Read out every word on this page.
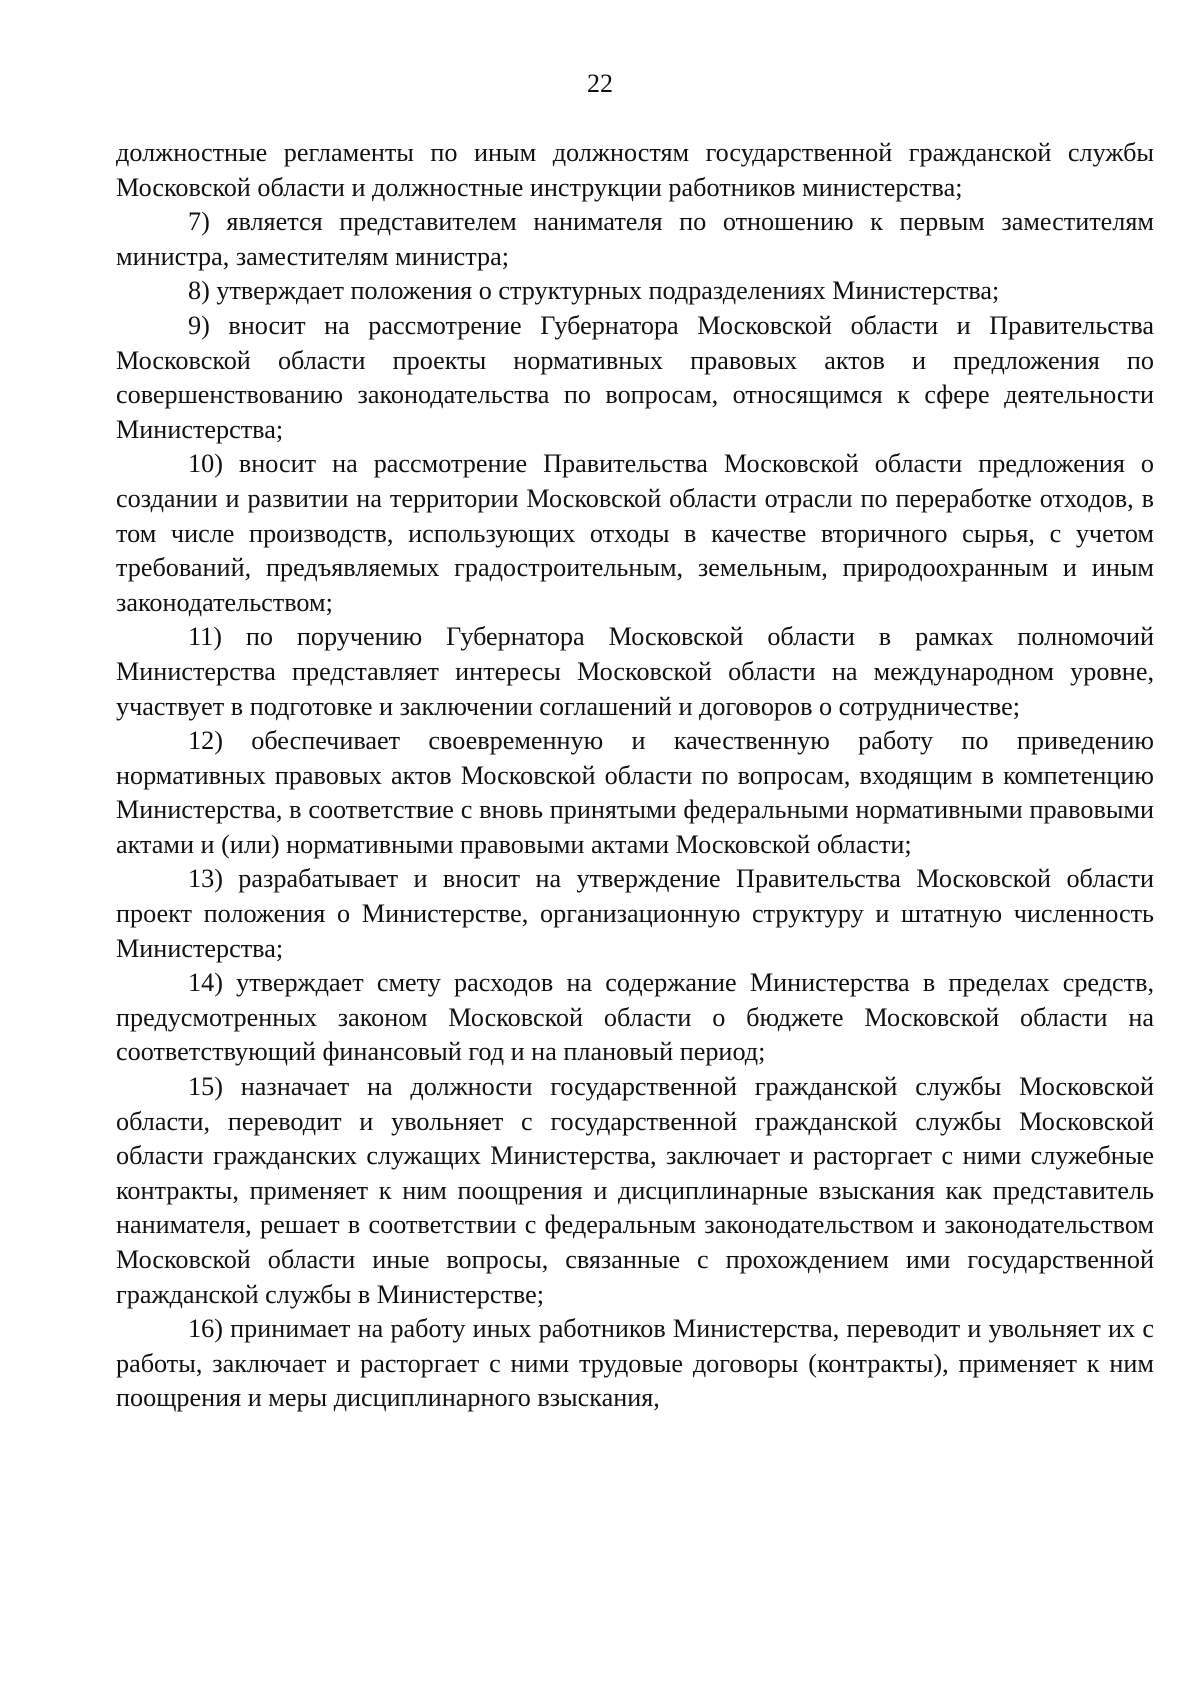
22

должностные регламенты по иным должностям государственной гражданской службы Московской области и должностные инструкции работников министерства;

7) является представителем нанимателя по отношению к первым заместителям министра, заместителям министра;

8) утверждает положения о структурных подразделениях Министерства;

9) вносит на рассмотрение Губернатора Московской области и Правительства Московской области проекты нормативных правовых актов и предложения по совершенствованию законодательства по вопросам, относящимся к сфере деятельности Министерства;

10) вносит на рассмотрение Правительства Московской области предложения о создании и развитии на территории Московской области отрасли по переработке отходов, в том числе производств, использующих отходы в качестве вторичного сырья, с учетом требований, предъявляемых градостроительным, земельным, природоохранным и иным законодательством;

11) по поручению Губернатора Московской области в рамках полномочий Министерства представляет интересы Московской области на международном уровне, участвует в подготовке и заключении соглашений и договоров о сотрудничестве;

12) обеспечивает своевременную и качественную работу по приведению нормативных правовых актов Московской области по вопросам, входящим в компетенцию Министерства, в соответствие с вновь принятыми федеральными нормативными правовыми актами и (или) нормативными правовыми актами Московской области;

13) разрабатывает и вносит на утверждение Правительства Московской области проект положения о Министерстве, организационную структуру и штатную численность Министерства;

14) утверждает смету расходов на содержание Министерства в пределах средств, предусмотренных законом Московской области о бюджете Московской области на соответствующий финансовый год и на плановый период;

15) назначает на должности государственной гражданской службы Московской области, переводит и увольняет с государственной гражданской службы Московской области гражданских служащих Министерства, заключает и расторгает с ними служебные контракты, применяет к ним поощрения и дисциплинарные взыскания как представитель нанимателя, решает в соответствии с федеральным законодательством и законодательством Московской области иные вопросы, связанные с прохождением ими государственной гражданской службы в Министерстве;

16) принимает на работу иных работников Министерства, переводит и увольняет их с работы, заключает и расторгает с ними трудовые договоры (контракты), применяет к ним поощрения и меры дисциплинарного взыскания,
